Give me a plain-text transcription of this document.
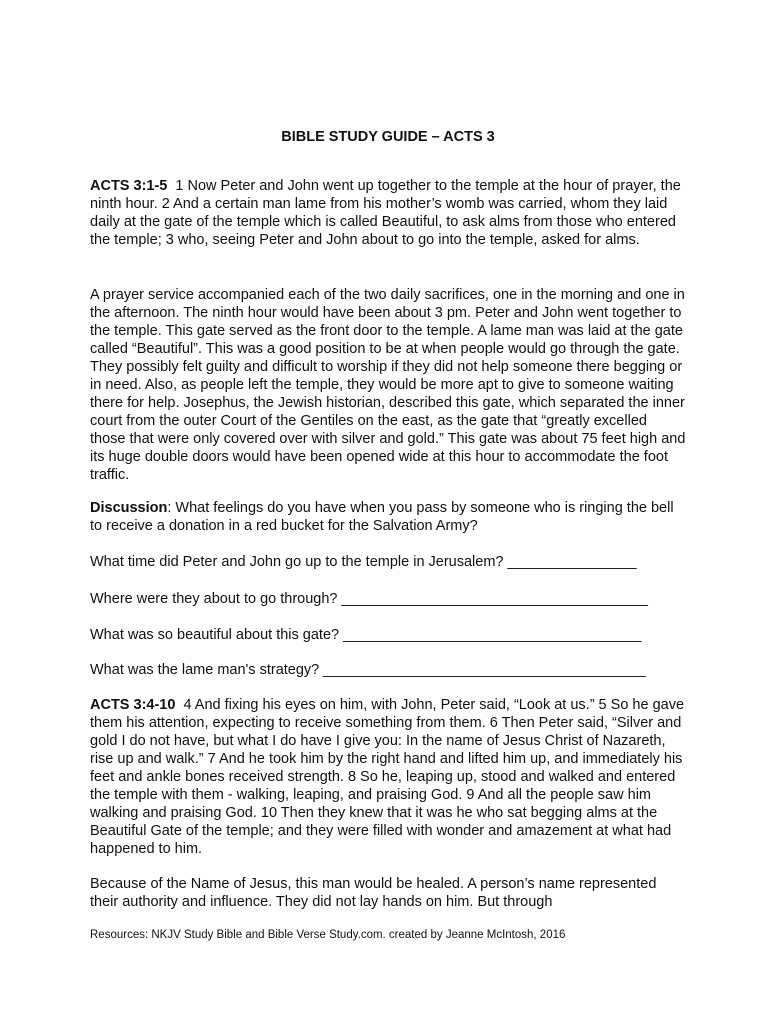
BIBLE STUDY GUIDE – ACTS 3

ACTS 3:1-5 1 Now Peter and John went up together to the temple at the hour of prayer, the ninth hour. 2 And a certain man lame from his mother’s womb was carried, whom they laid daily at the gate of the temple which is called Beautiful, to ask alms from those who entered the temple; 3 who, seeing Peter and John about to go into the temple, asked for alms.

A prayer service accompanied each of the two daily sacrifices, one in the morning and one in the afternoon. The ninth hour would have been about 3 pm. Peter and John went together to the temple. This gate served as the front door to the temple. A lame man was laid at the gate called “Beautiful”. This was a good position to be at when people would go through the gate. They possibly felt guilty and difficult to worship if they did not help someone there begging or in need. Also, as people left the temple, they would be more apt to give to someone waiting there for help. Josephus, the Jewish historian, described this gate, which separated the inner court from the outer Court of the Gentiles on the east, as the gate that “greatly excelled those that were only covered over with silver and gold.” This gate was about 75 feet high and its huge double doors would have been opened wide at this hour to accommodate the foot traffic.

Discussion: What feelings do you have when you pass by someone who is ringing the bell to receive a donation in a red bucket for the Salvation Army?

What time did Peter and John go up to the temple in Jerusalem? ________________
Where were they about to go through? ______________________________________
What was so beautiful about this gate? _____________________________________
What was the lame man's strategy? ________________________________________

ACTS 3:4-10 4 And fixing his eyes on him, with John, Peter said, “Look at us.” 5 So he gave them his attention, expecting to receive something from them. 6 Then Peter said, “Silver and gold I do not have, but what I do have I give you: In the name of Jesus Christ of Nazareth, rise up and walk.” 7 And he took him by the right hand and lifted him up, and immediately his feet and ankle bones received strength. 8 So he, leaping up, stood and walked and entered the temple with them - walking, leaping, and praising God. 9 And all the people saw him walking and praising God. 10 Then they knew that it was he who sat begging alms at the Beautiful Gate of the temple; and they were filled with wonder and amazement at what had happened to him.

Because of the Name of Jesus, this man would be healed. A person’s name represented their authority and influence. They did not lay hands on him. But through

Resources: NKJV Study Bible and Bible Verse Study.com. created by Jeanne McIntosh, 2016
